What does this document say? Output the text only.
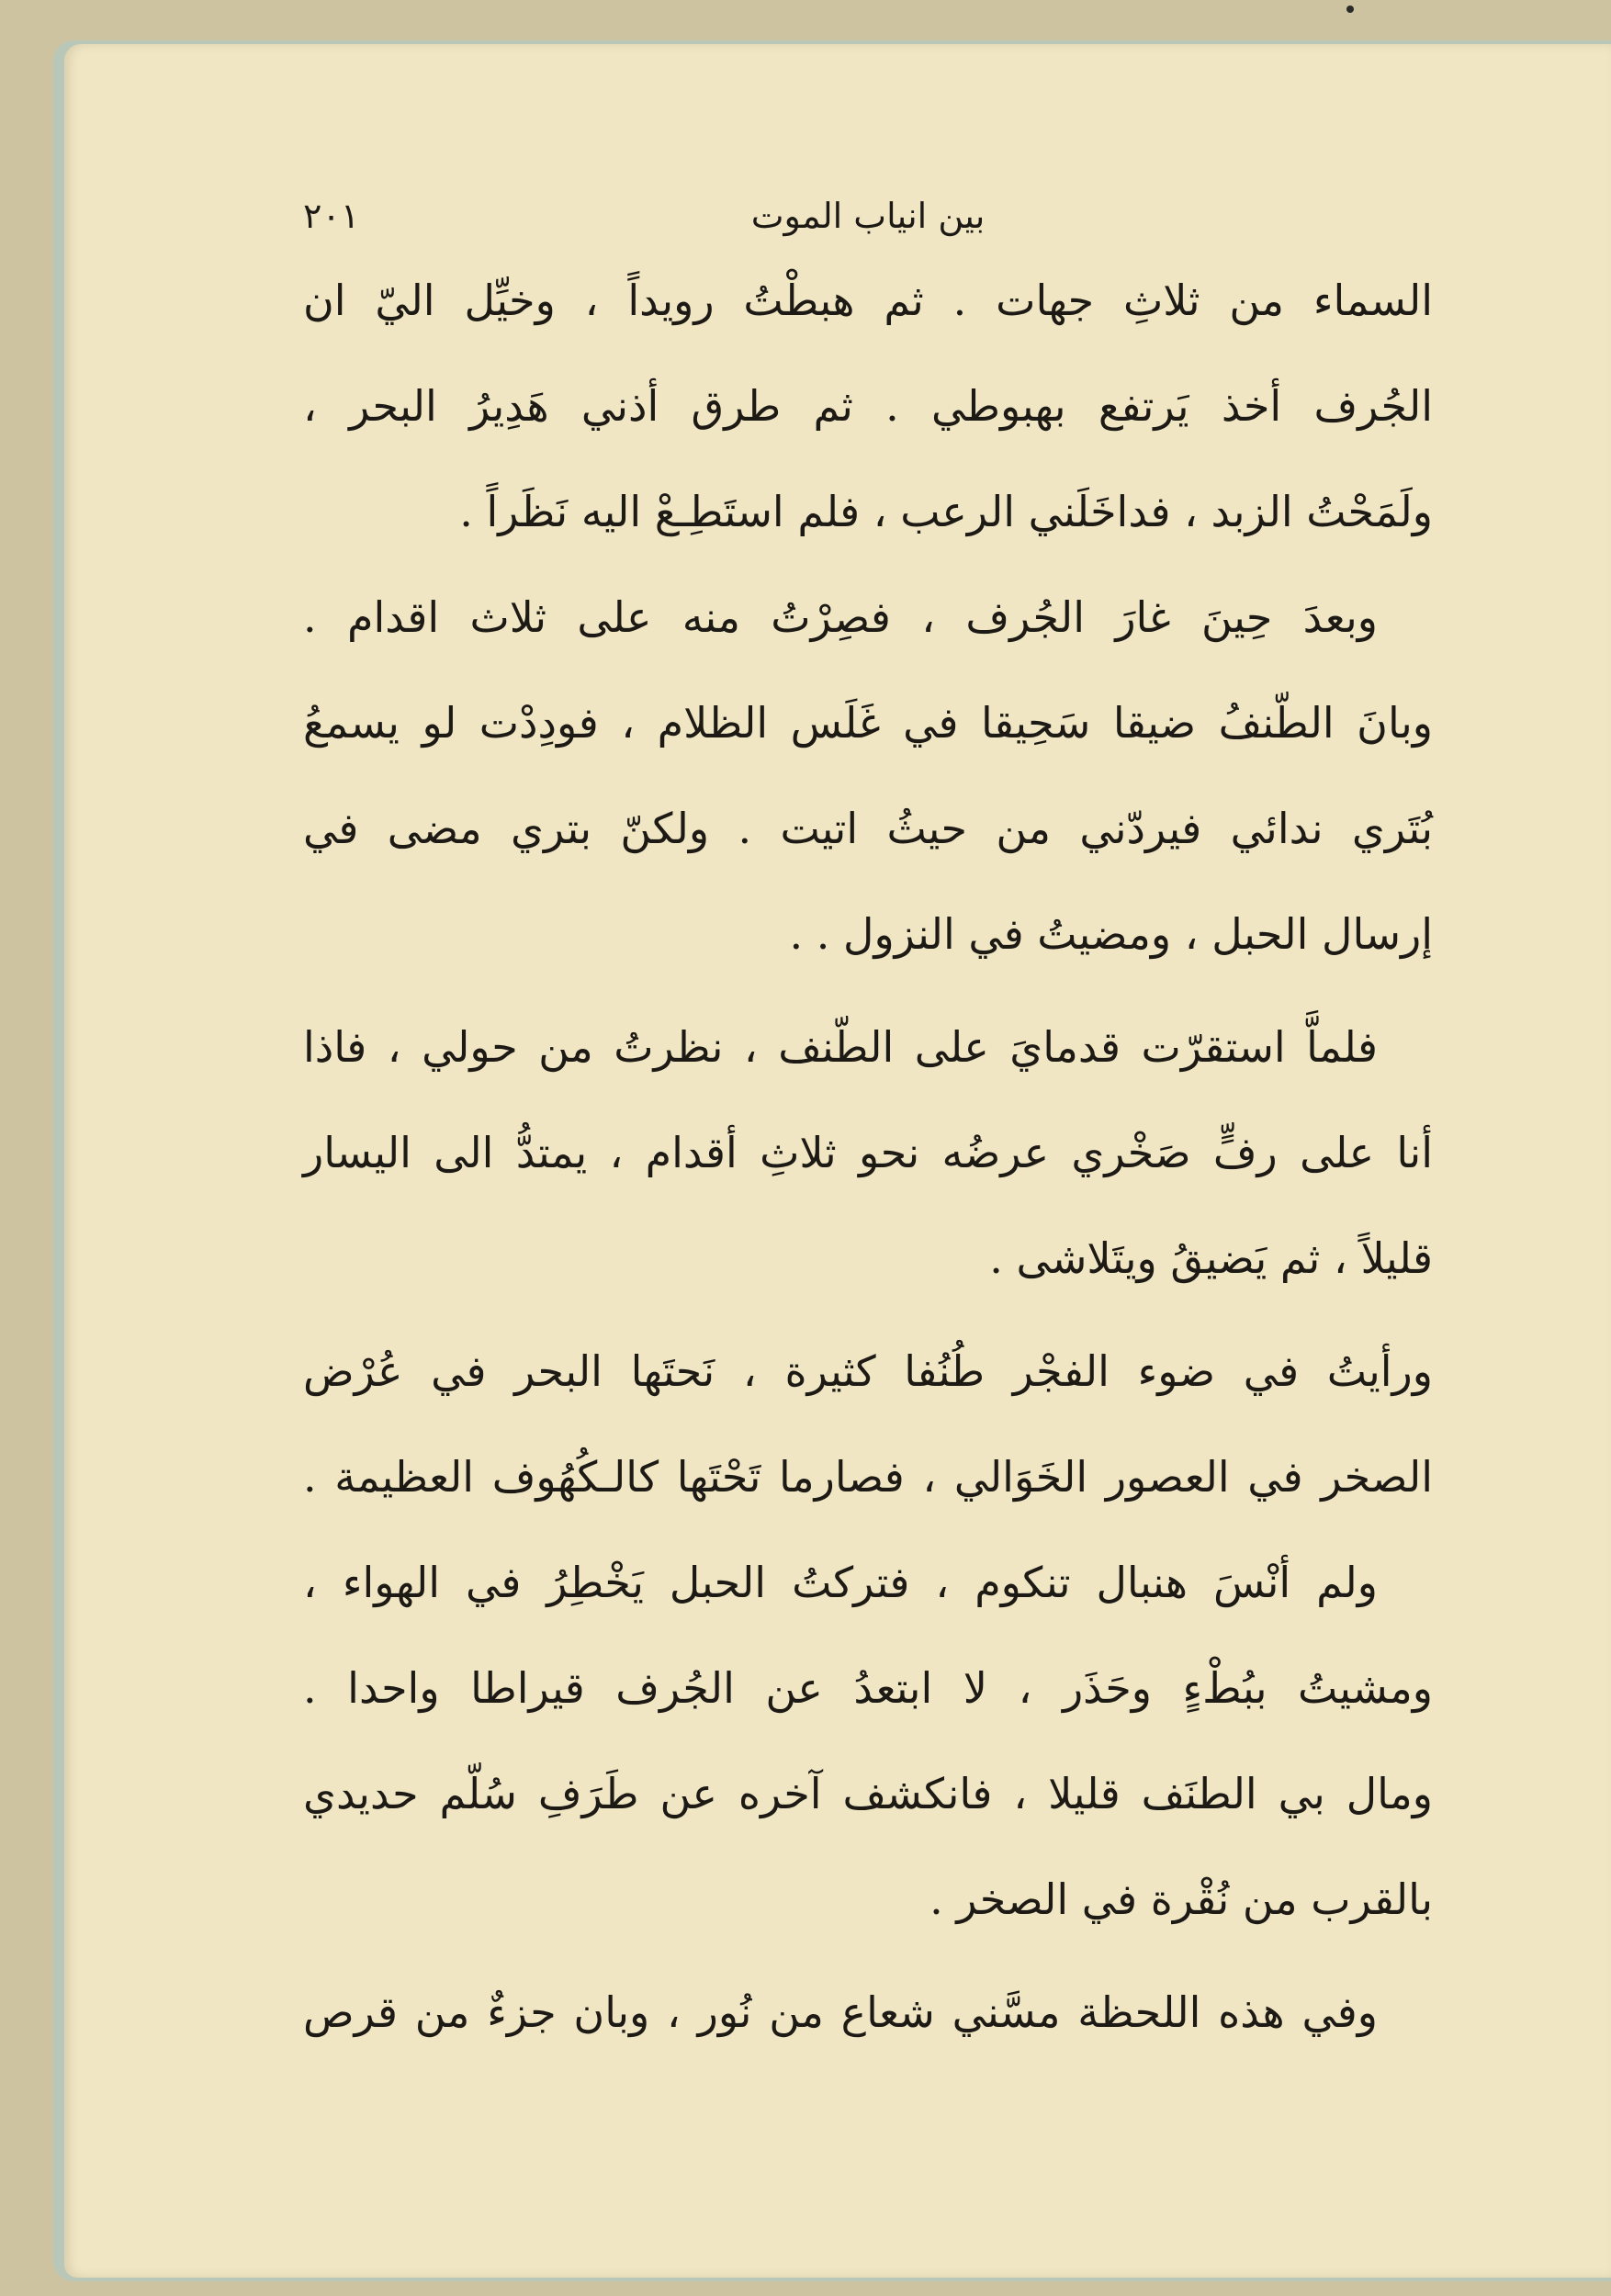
بين انياب الموت
٢٠١
السماء من ثلاثِ جهات . ثم هبطْتُ رويداً ، وخيِّل اليّ ان
الجُرف أخذ يَرتفع بهبوطي . ثم طرق أذني هَدِيرُ البحر ،
ولَمَحْتُ الزبد ، فداخَلَني الرعب ، فلم استَطِـعْ اليه نَظَراً .
وبعدَ حِينَ غارَ الجُرف ، فصِرْتُ منه على ثلاث اقدام .
وبانَ الطّنفُ ضيقا سَحِيقا في غَلَس الظلام ، فودِدْت لو يسمعُ
بُتَري ندائي فيردّني من حيثُ اتيت . ولكنّ بتري مضى في
إرسال الحبل ، ومضيتُ في النزول . .
فلماَّ استقرّت قدمايَ على الطّنف ، نظرتُ من حولي ، فاذا
أنا على رفٍّ صَخْري عرضُه نحو ثلاثِ أقدام ، يمتدُّ الى اليسار
قليلاً ، ثم يَضيقُ ويتَلاشى .
ورأيتُ في ضوء الفجْر طُنُفا كثيرة ، نَحتَها البحر في عُرْض
الصخر في العصور الخَوَالي ، فصارما تَحْتَها كالـكُهُوف العظيمة .
ولم أنْسَ هنبال تنكوم ، فتركتُ الحبل يَخْطِرُ في الهواء ،
ومشيتُ ببُطْءٍ وحَذَر ، لا ابتعدُ عن الجُرف قيراطا واحدا .
ومال بي الطنَف قليلا ، فانكشف آخره عن طَرَفِ سُلّم حديدي
بالقرب من نُقْرة في الصخر .
وفي هذه اللحظة مسَّني شعاع من نُور ، وبان جزءٌ من قرص
